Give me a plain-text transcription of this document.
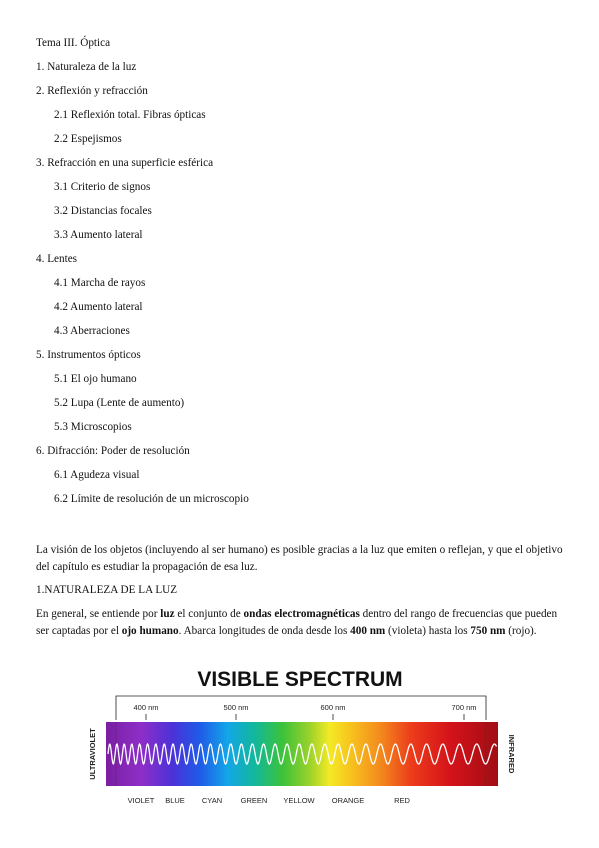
Tema III. Óptica
1. Naturaleza de la luz
2. Reflexión y refracción
2.1 Reflexión total. Fibras ópticas
2.2 Espejismos
3. Refracción en una superficie esférica
3.1 Criterio de signos
3.2 Distancias focales
3.3 Aumento lateral
4. Lentes
4.1 Marcha de rayos
4.2 Aumento lateral
4.3 Aberraciones
5. Instrumentos ópticos
5.1 El ojo humano
5.2 Lupa (Lente de aumento)
5.3 Microscopios
6. Difracción: Poder de resolución
6.1 Agudeza visual
6.2 Límite de resolución de un microscopio
La visión de los objetos (incluyendo al ser humano) es posible gracias a la luz que emiten o reflejan, y que el objetivo del capítulo es estudiar la propagación de esa luz.
1.NATURALEZA DE LA LUZ
En general, se entiende por luz el conjunto de ondas electromagnéticas dentro del rango de frecuencias que pueden ser captadas por el ojo humano. Abarca longitudes de onda desde los 400 nm (violeta) hasta los 750 nm (rojo).
VISIBLE SPECTRUM
400 nm	500 nm	600 nm	700 nm
ULTRAVIOLET	INFRARED
VIOLET BLUE CYAN GREEN YELLOW ORANGE	RED
